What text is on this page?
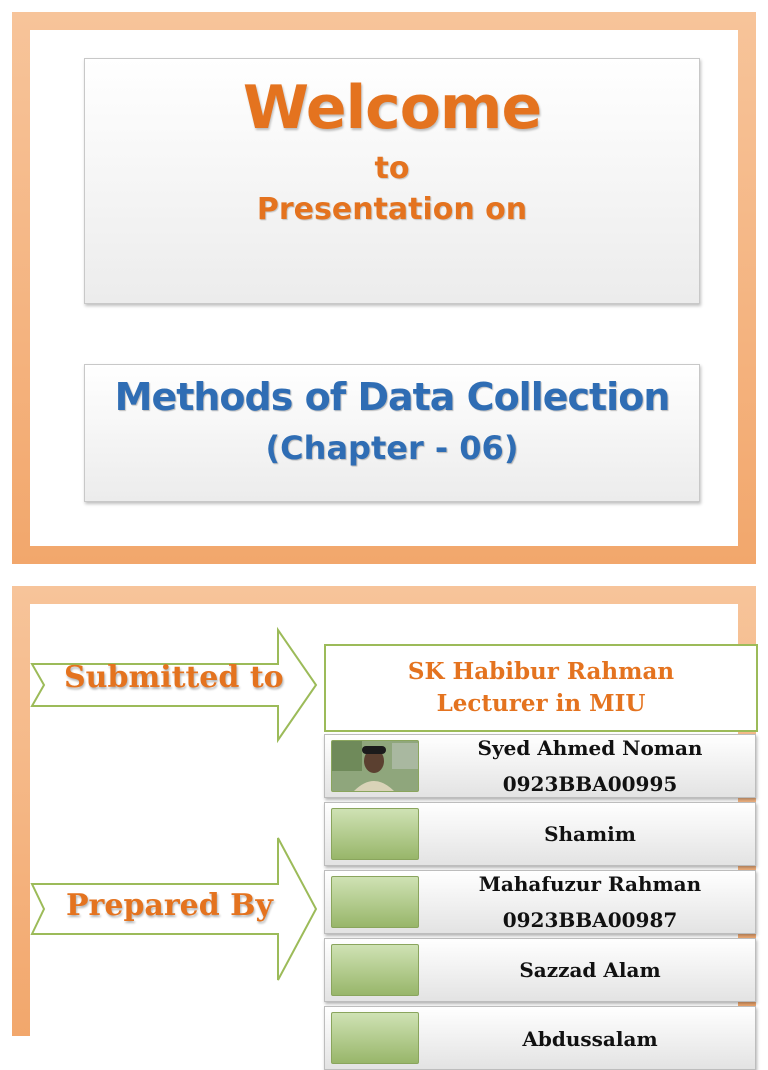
Welcome
to
Presentation on
Methods of Data Collection
(Chapter - 06)
Submitted to
Prepared By
SK Habibur Rahman
Lecturer in MIU
Syed Ahmed Noman
0923BBA00995
Shamim
Mahafuzur Rahman
0923BBA00987
Sazzad Alam
Abdussalam
